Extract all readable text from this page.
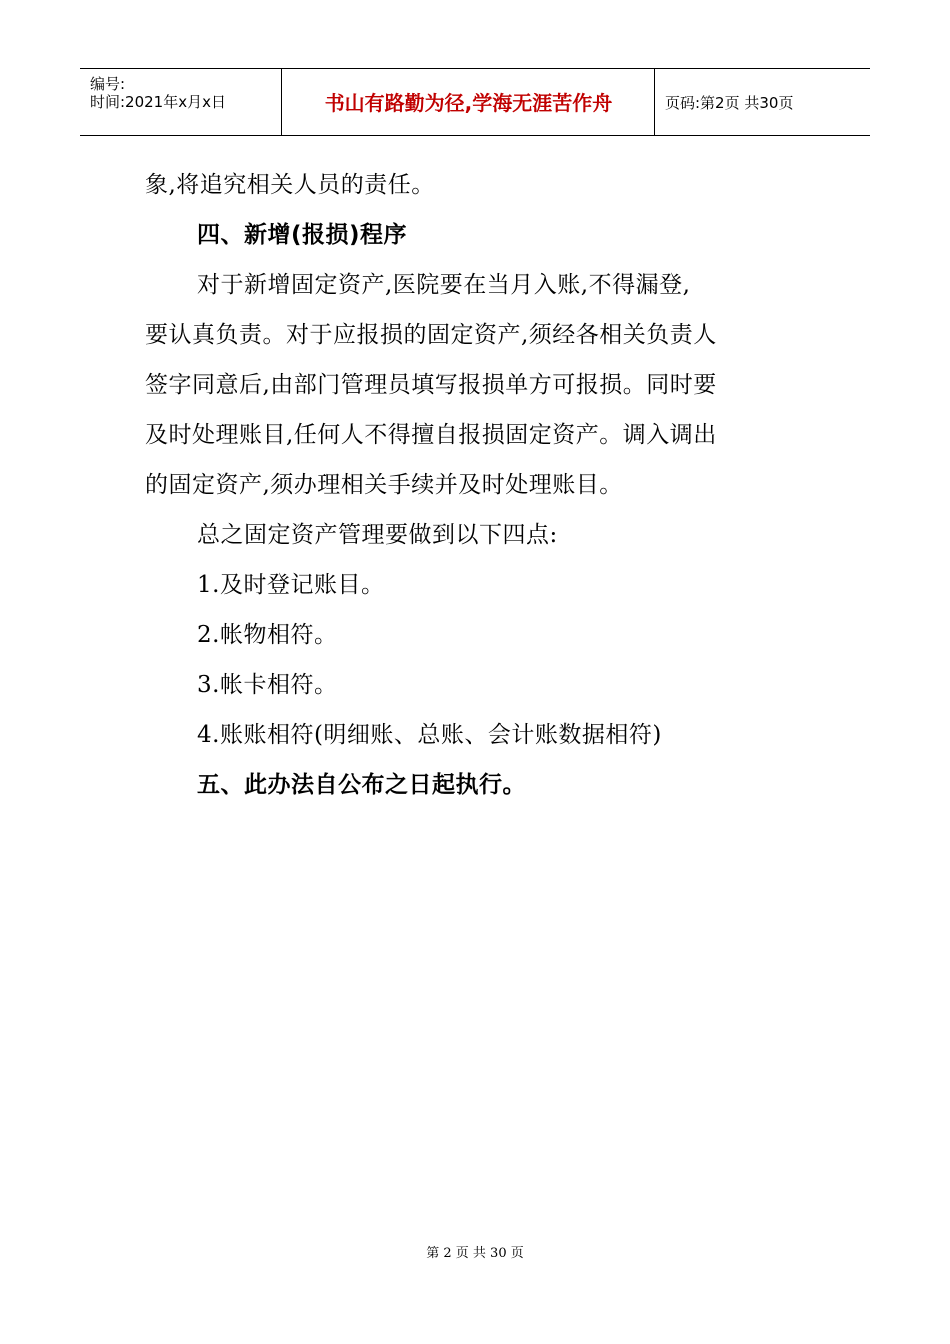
编号:
时间:2021年x月x日	书山有路勤为径,学海无涯苦作舟	页码:第2页 共30页
象,将追究相关人员的责任。
四、新增(报损)程序
对于新增固定资产,医院要在当月入账,不得漏登,
要认真负责。对于应报损的固定资产,须经各相关负责人
签字同意后,由部门管理员填写报损单方可报损。同时要
及时处理账目,任何人不得擅自报损固定资产。调入调出
的固定资产,须办理相关手续并及时处理账目。
总之固定资产管理要做到以下四点:
1.及时登记账目。
2.帐物相符。
3.帐卡相符。
4.账账相符(明细账、总账、会计账数据相符)
五、此办法自公布之日起执行。
第 2 页 共 30 页
